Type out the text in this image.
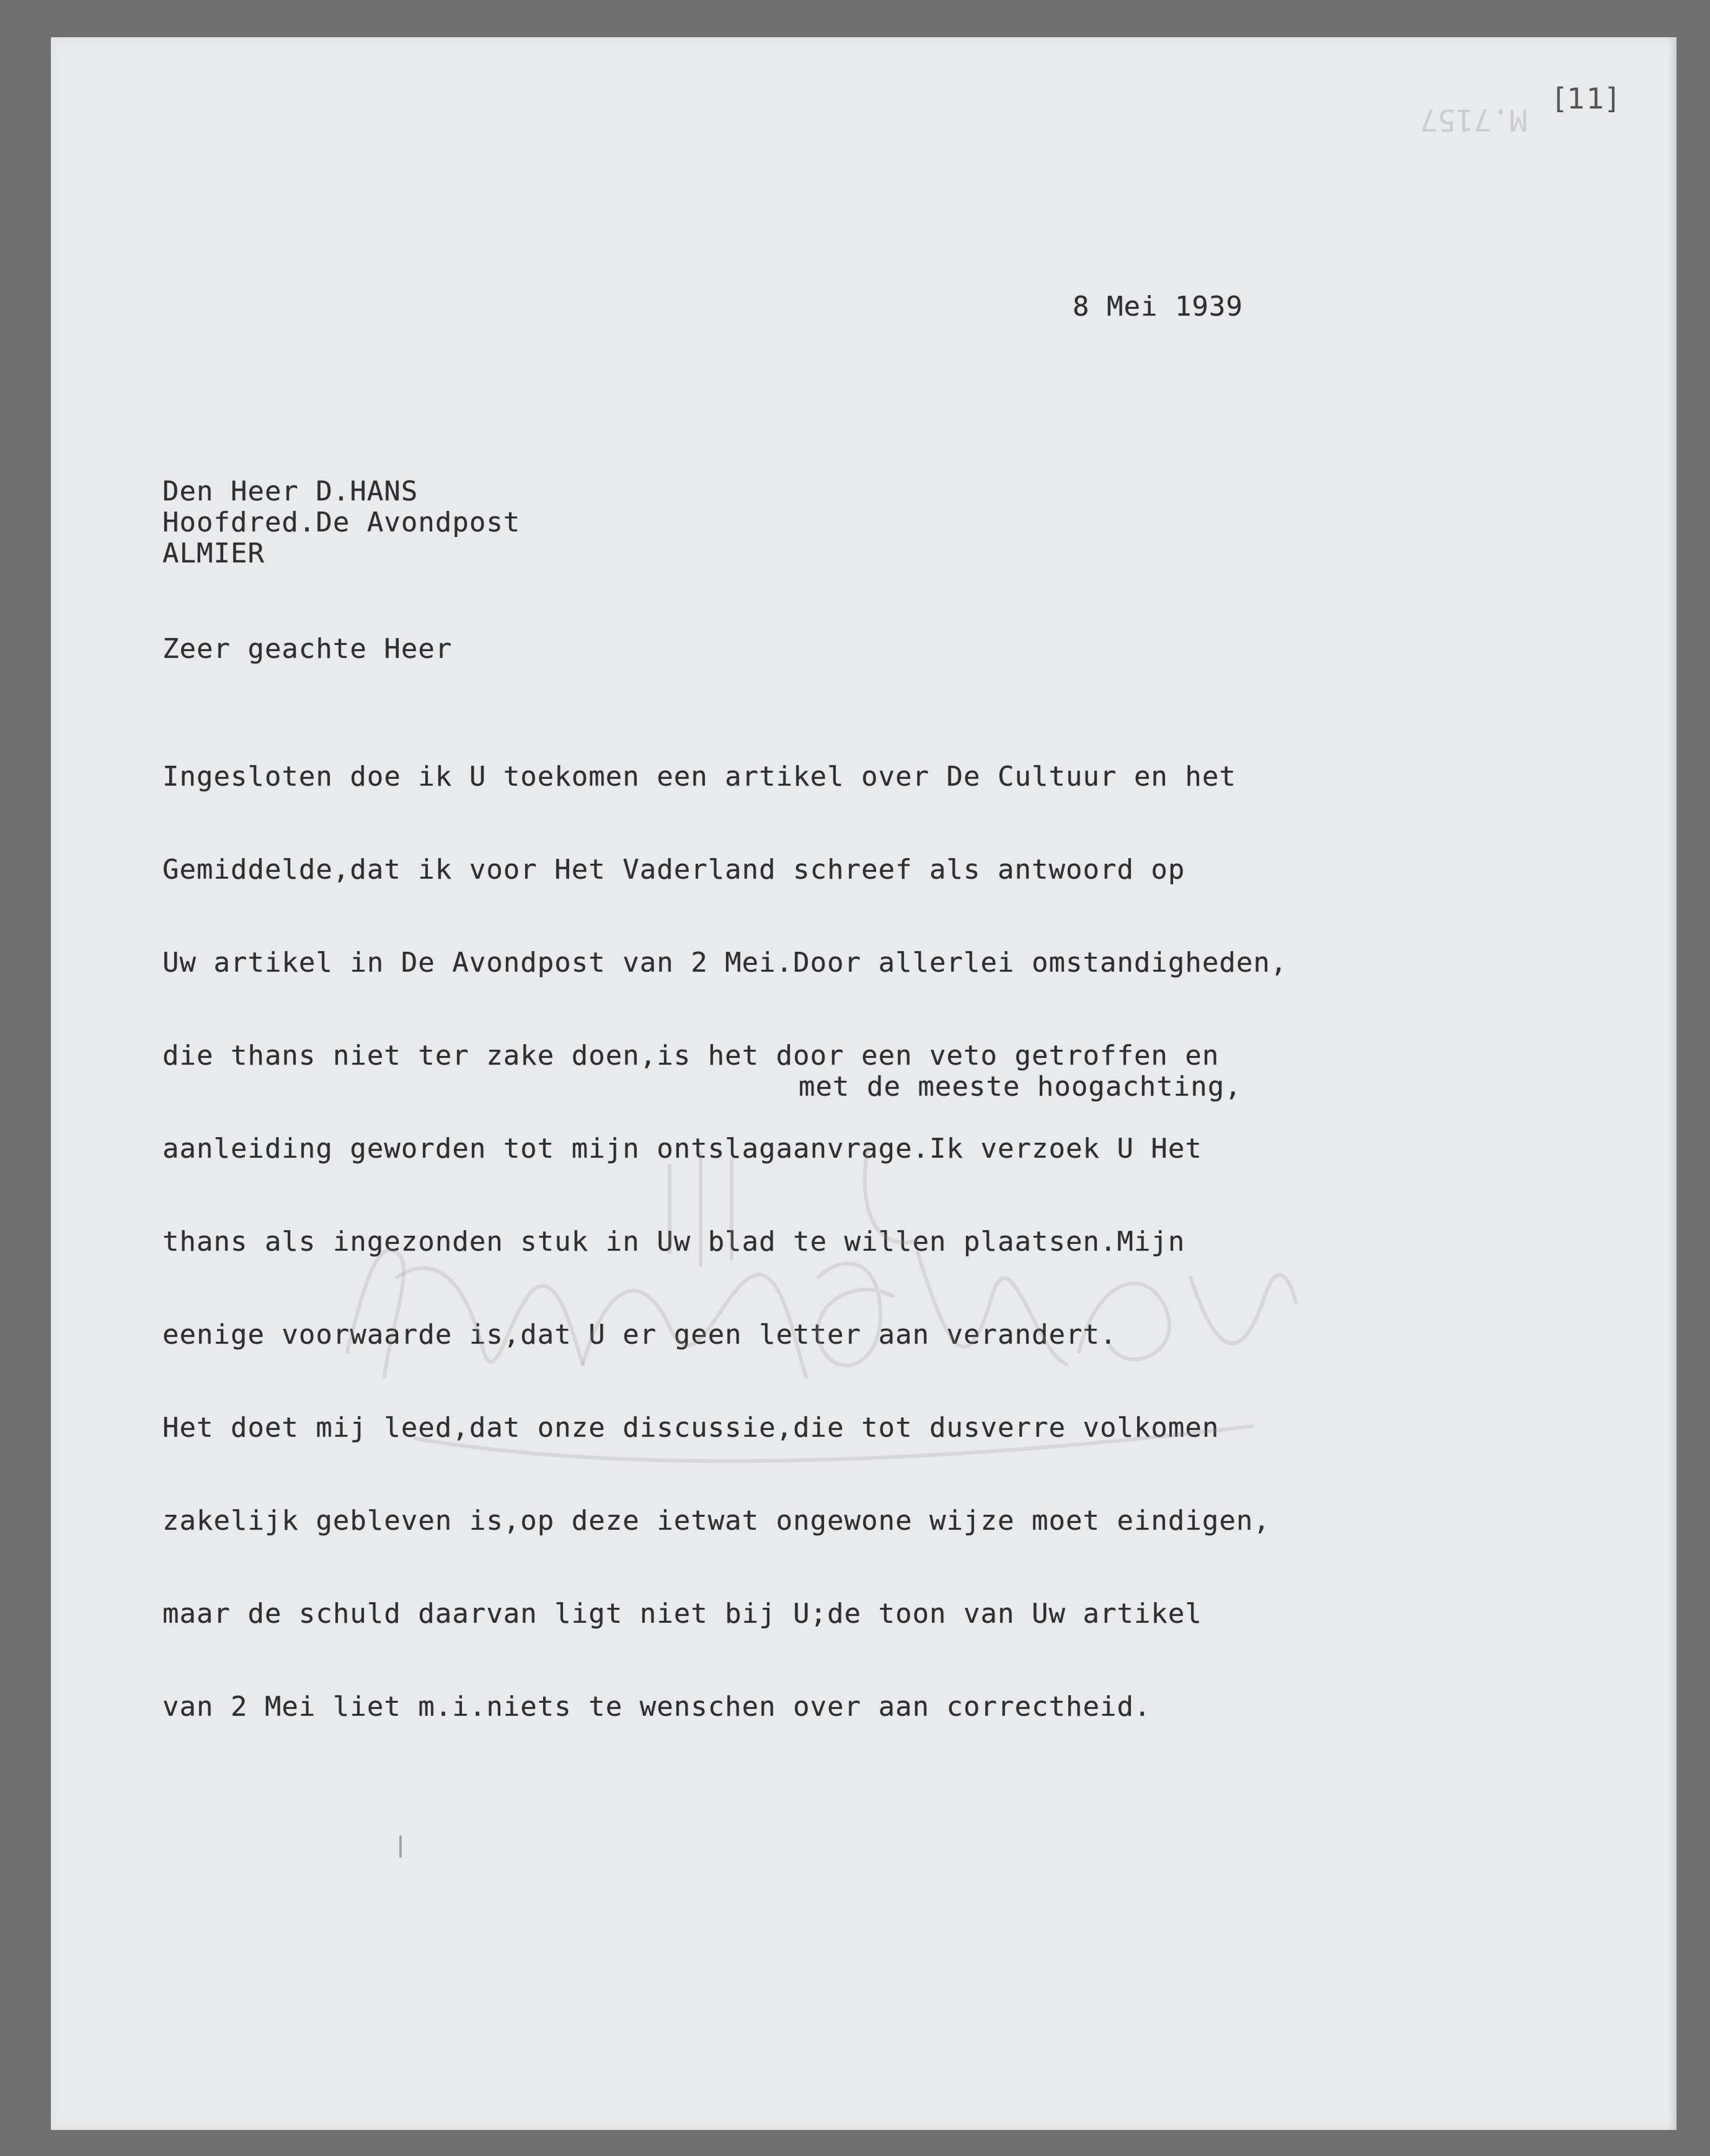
[11]
M.7157
8 Mei 1939
Den Heer D.HANS
Hoofdred.De Avondpost
ALMIER
Zeer geachte Heer

Ingesloten doe ik U toekomen een artikel over De Cultuur en het

Gemiddelde,dat ik voor Het Vaderland schreef als antwoord op

Uw artikel in De Avondpost van 2 Mei.Door allerlei omstandigheden,

die thans niet ter zake doen,is het door een veto getroffen en

aanleiding geworden tot mijn ontslagaanvrage.Ik verzoek U Het

thans als ingezonden stuk in Uw blad te willen plaatsen.Mijn

eenige voorwaarde is,dat U er geen letter aan verandert.

Het doet mij leed,dat onze discussie,die tot dusverre volkomen

zakelijk gebleven is,op deze ietwat ongewone wijze moet eindigen,

maar de schuld daarvan ligt niet bij U;de toon van Uw artikel

van 2 Mei liet m.i.niets te wenschen over aan correctheid.

met de meeste hoogachting,
